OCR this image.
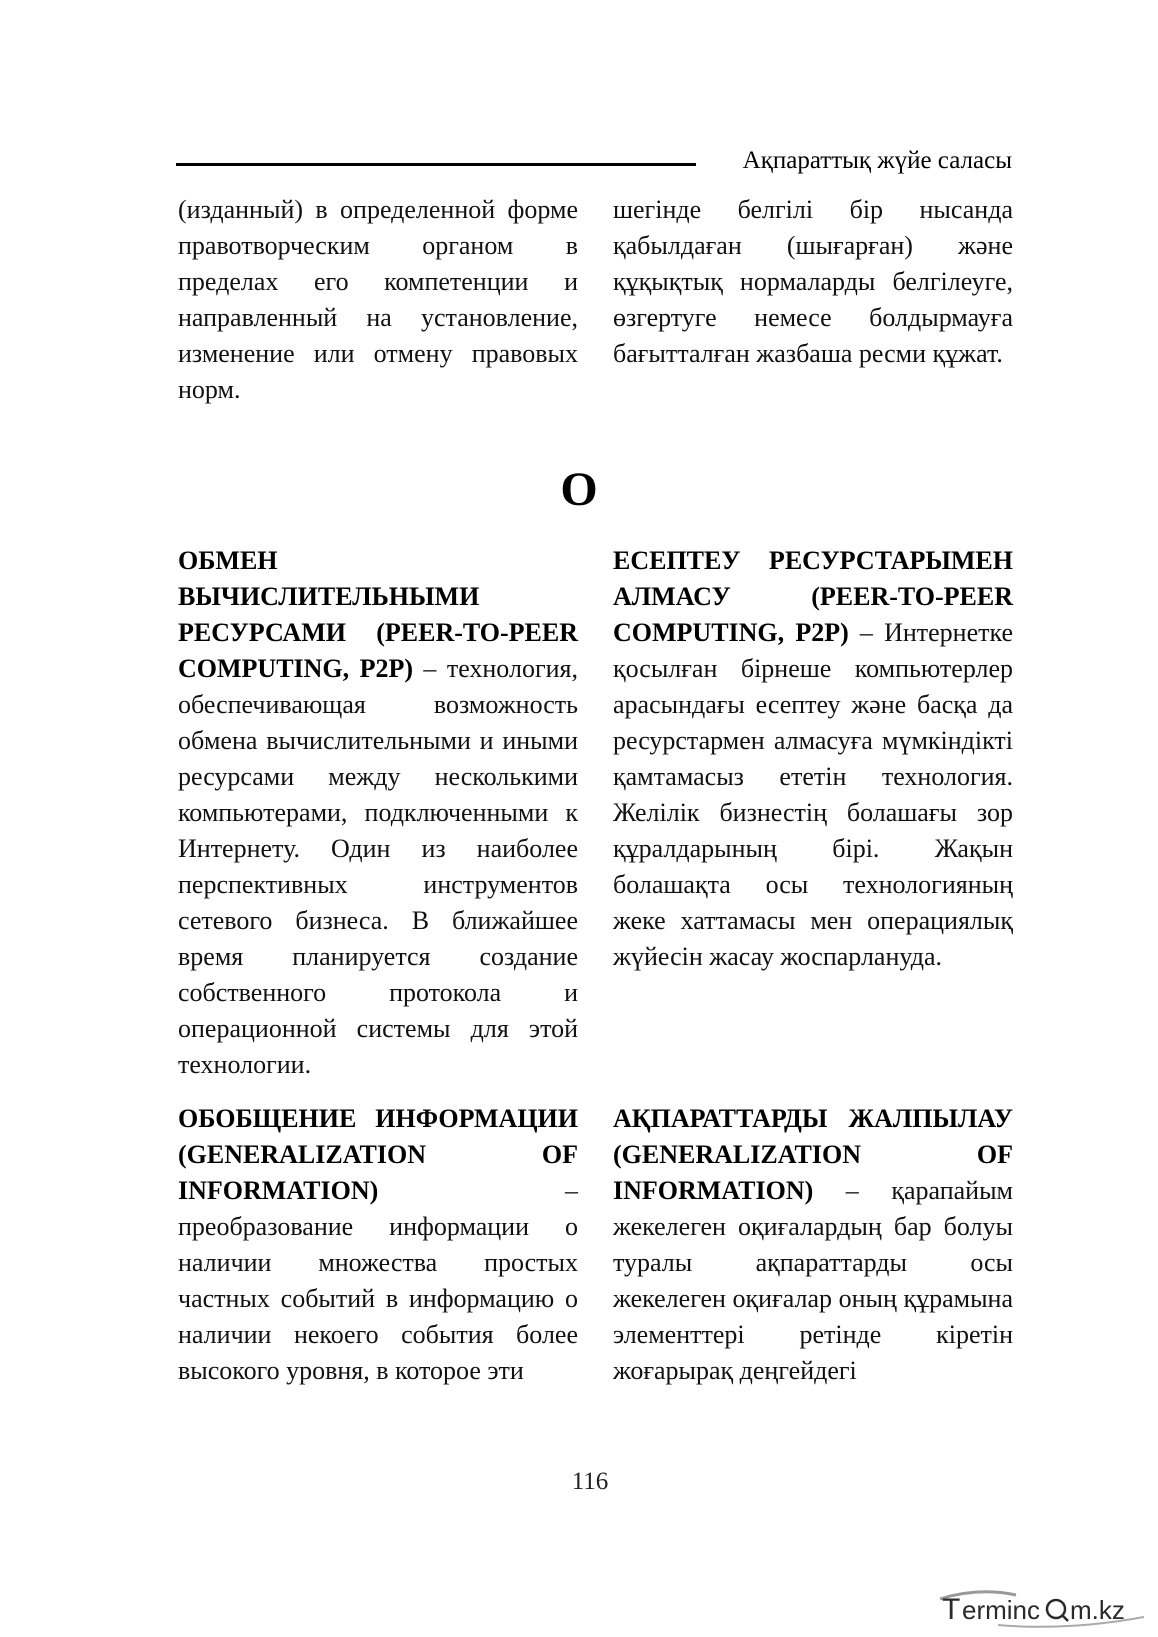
Ақпараттық жүйе саласы

(изданный) в определенной форме правотворческим органом в пределах его компетенции и направленный на установление, изменение или отмену правовых норм.

шегінде белгілі бір нысанда қабылдаған (шығарған) және құқықтық нормаларды белгілеуге, өзгертуге немесе болдырмауға бағытталған жазбаша ресми құжат.

О

ОБМЕН ВЫЧИСЛИТЕЛЬНЫМИ РЕСУРСАМИ (PEER-TO-PEER COMPUTING, P2P) – технология, обеспечивающая возможность обмена вычислительными и иными ресурсами между несколькими компьютерами, подключенными к Интернету. Один из наиболее перспективных инструментов сетевого бизнеса. В ближайшее время планируется создание собственного протокола и операционной системы для этой технологии.

ЕСЕПТЕУ РЕСУРСТАРЫМЕН АЛМАСУ (PEER-TO-PEER COMPUTING, P2P) – Интернетке қосылған бірнеше компьютерлер арасындағы есептеу және басқа да ресурстармен алмасуға мүмкіндікті қамтамасыз ететін технология. Желілік бизнестің болашағы зор құралдарының бірі. Жақын болашақта осы технологияның жеке хаттамасы мен операциялық жүйесін жасау жоспарлануда.

ОБОБЩЕНИЕ ИНФОРМАЦИИ (GENERALIZATION OF INFORMATION) – преобразование информации о наличии множества простых частных событий в информацию о наличии некоего события более высокого уровня, в которое эти

АҚПАРАТТАРДЫ ЖАЛПЫЛАУ (GENERALIZATION OF INFORMATION) – қарапайым жекелеген оқиғалардың бар болуы туралы ақпараттарды осы жекелеген оқиғалар оның құрамына элементтері ретінде кіретін жоғарырақ деңгейдегі

116
T erminc m.kz
